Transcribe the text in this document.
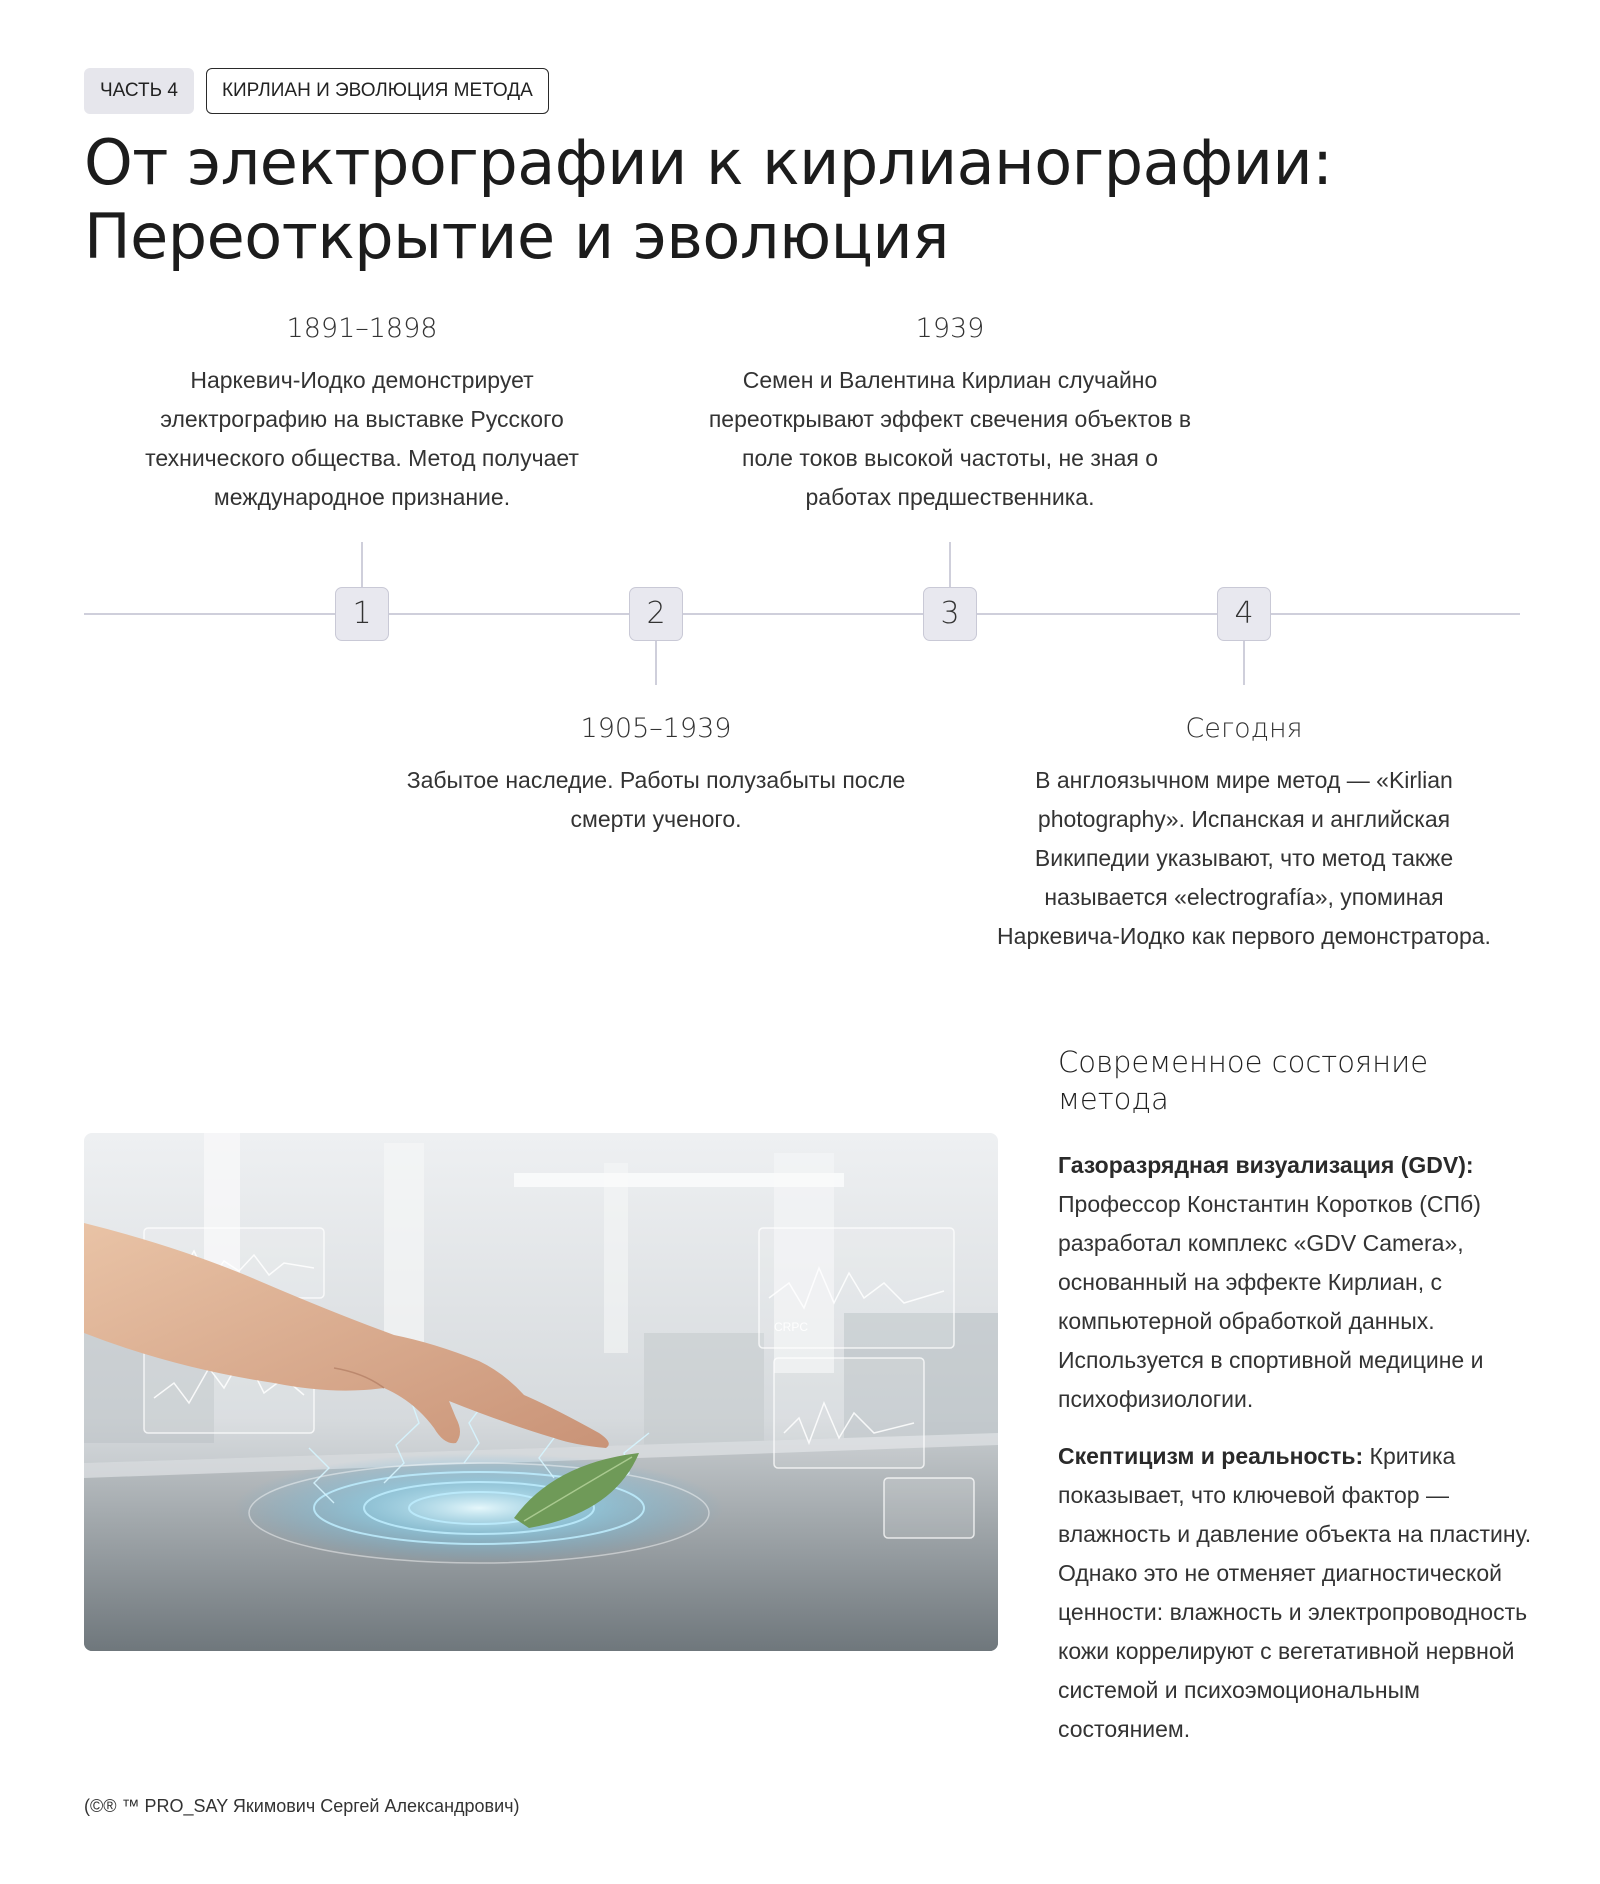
ЧАСТЬ 4	КИРЛИАН И ЭВОЛЮЦИЯ МЕТОДА
От электрографии к кирлианографии: Переоткрытие и эволюция
1	2	3	4
1891–1898
Наркевич-Иодко демонстрирует электрографию на выставке Русского технического общества. Метод получает международное признание.
1905–1939
Забытое наследие. Работы полузабыты после смерти ученого.
1939
Семен и Валентина Кирлиан случайно переоткрывают эффект свечения объектов в поле токов высокой частоты, не зная о работах предшественника.
Сегодня
В англоязычном мире метод — «Kirlian photography». Испанская и английская Википедии указывают, что метод также называется «electrografía», упоминая Наркевича-Иодко как первого демонстратора.
CRPC
Современное состояние метода

Газоразрядная визуализация (GDV): Профессор Константин Коротков (СПб) разработал комплекс «GDV Camera», основанный на эффекте Кирлиан, с компьютерной обработкой данных. Используется в спортивной медицине и психофизиологии.

Скептицизм и реальность: Критика показывает, что ключевой фактор — влажность и давление объекта на пластину. Однако это не отменяет диагностической ценности: влажность и электропроводность кожи коррелируют с вегетативной нервной системой и психоэмоциональным состоянием.

(©® ™ PRO_SAY Якимович Сергей Александрович)
